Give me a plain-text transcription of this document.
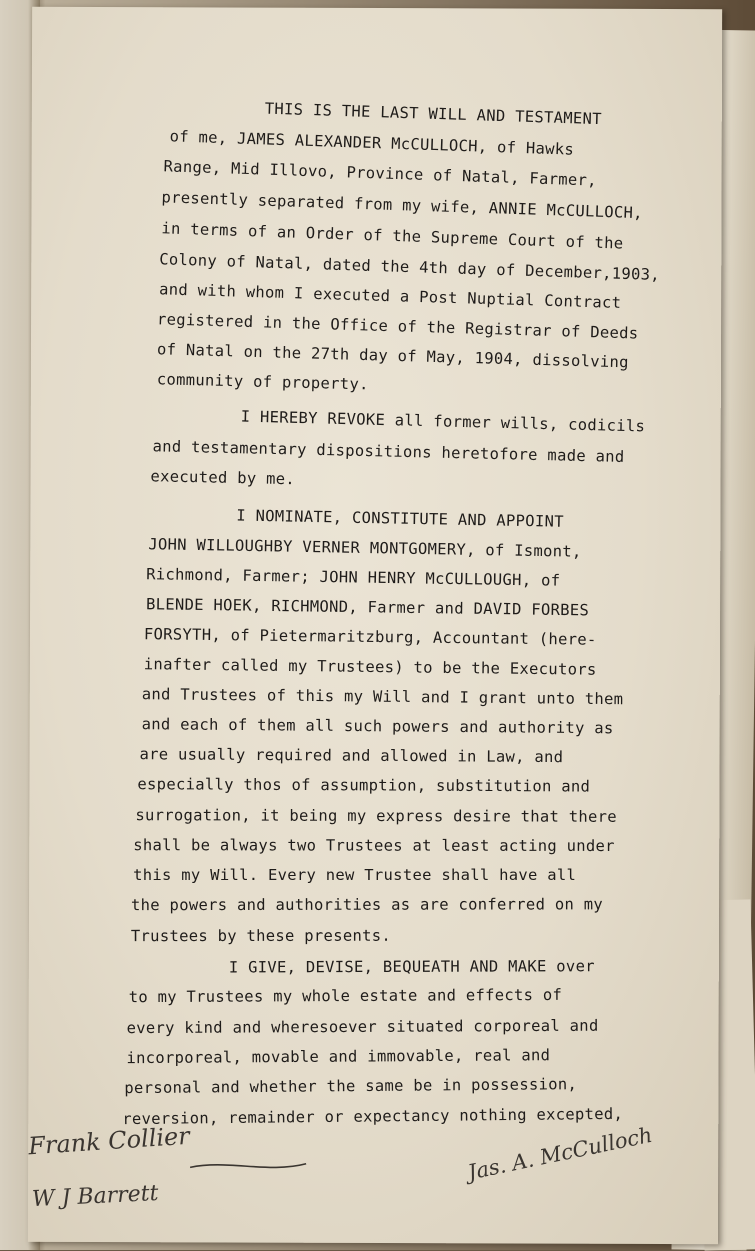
THIS IS THE LAST WILL AND TESTAMENT
of me, JAMES ALEXANDER McCULLOCH, of Hawks
Range, Mid Illovo, Province of Natal, Farmer,
presently separated from my wife, ANNIE McCULLOCH,
in terms of an Order of the Supreme Court of the
Colony of Natal, dated the 4th day of December,1903,
and with whom I executed a Post Nuptial Contract
registered in the Office of the Registrar of Deeds
of Natal on the 27th day of May, 1904, dissolving
community of property.
I HEREBY REVOKE all former wills, codicils
and testamentary dispositions heretofore made and
executed by me.
I NOMINATE, CONSTITUTE AND APPOINT
JOHN WILLOUGHBY VERNER MONTGOMERY, of Ismont,
Richmond, Farmer; JOHN HENRY McCULLOUGH, of
BLENDE HOEK, RICHMOND, Farmer and DAVID FORBES
FORSYTH, of Pietermaritzburg, Accountant (here-
inafter called my Trustees) to be the Executors
and Trustees of this my Will and I grant unto them
and each of them all such powers and authority as
are usually required and allowed in Law, and
especially thos of assumption, substitution and
surrogation, it being my express desire that there
shall be always two Trustees at least acting under
this my Will. Every new Trustee shall have all
the powers and authorities as are conferred on my
Trustees by these presents.
I GIVE, DEVISE, BEQUEATH AND MAKE over
to my Trustees my whole estate and effects of
every kind and wheresoever situated corporeal and
incorporeal, movable and immovable, real and
personal and whether the same be in possession,
reversion, remainder or expectancy nothing excepted,
Frank Collier
W J Barrett
Jas. A. McCulloch
